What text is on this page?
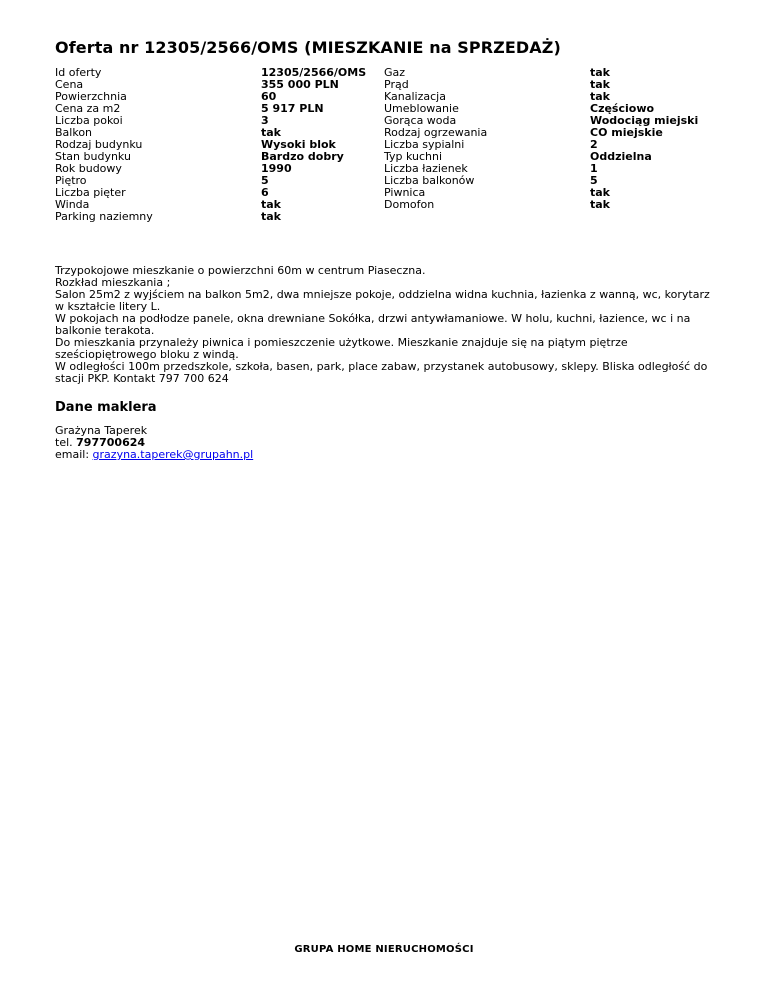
Oferta nr 12305/2566/OMS (MIESZKANIE na SPRZEDAŻ)
Id oferty
Cena
Powierzchnia
Cena za m2
Liczba pokoi
Balkon
Rodzaj budynku
Stan budynku
Rok budowy
Piętro
Liczba pięter
Winda
Parking naziemny
12305/2566/OMS
355 000 PLN
60
5 917 PLN
3
tak
Wysoki blok
Bardzo dobry
1990
5
6
tak
tak
Gaz
Prąd
Kanalizacja
Umeblowanie
Gorąca woda
Rodzaj ogrzewania
Liczba sypialni
Typ kuchni
Liczba łazienek
Liczba balkonów
Piwnica
Domofon
tak
tak
tak
Częściowo
Wodociąg miejski
CO miejskie
2
Oddzielna
1
5
tak
tak
Trzypokojowe mieszkanie o powierzchni 60m w centrum Piaseczna.
Rozkład mieszkania ;
Salon 25m2 z wyjściem na balkon 5m2, dwa mniejsze pokoje, oddzielna widna kuchnia, łazienka z wanną, wc, korytarz w kształcie litery L.
W pokojach na podłodze panele, okna drewniane Sokółka, drzwi antywłamaniowe. W holu, kuchni, łazience, wc i na balkonie terakota.
Do mieszkania przynależy piwnica i pomieszczenie użytkowe. Mieszkanie znajduje się na piątym piętrze sześciopiętrowego bloku z windą.
W odległości 100m przedszkole, szkoła, basen, park, place zabaw, przystanek autobusowy, sklepy. Bliska odległość do stacji PKP. Kontakt 797 700 624
Dane maklera
Grażyna Taperek
tel. 797700624
email: grazyna.taperek@grupahn.pl
GRUPA HOME NIERUCHOMOŚCI
